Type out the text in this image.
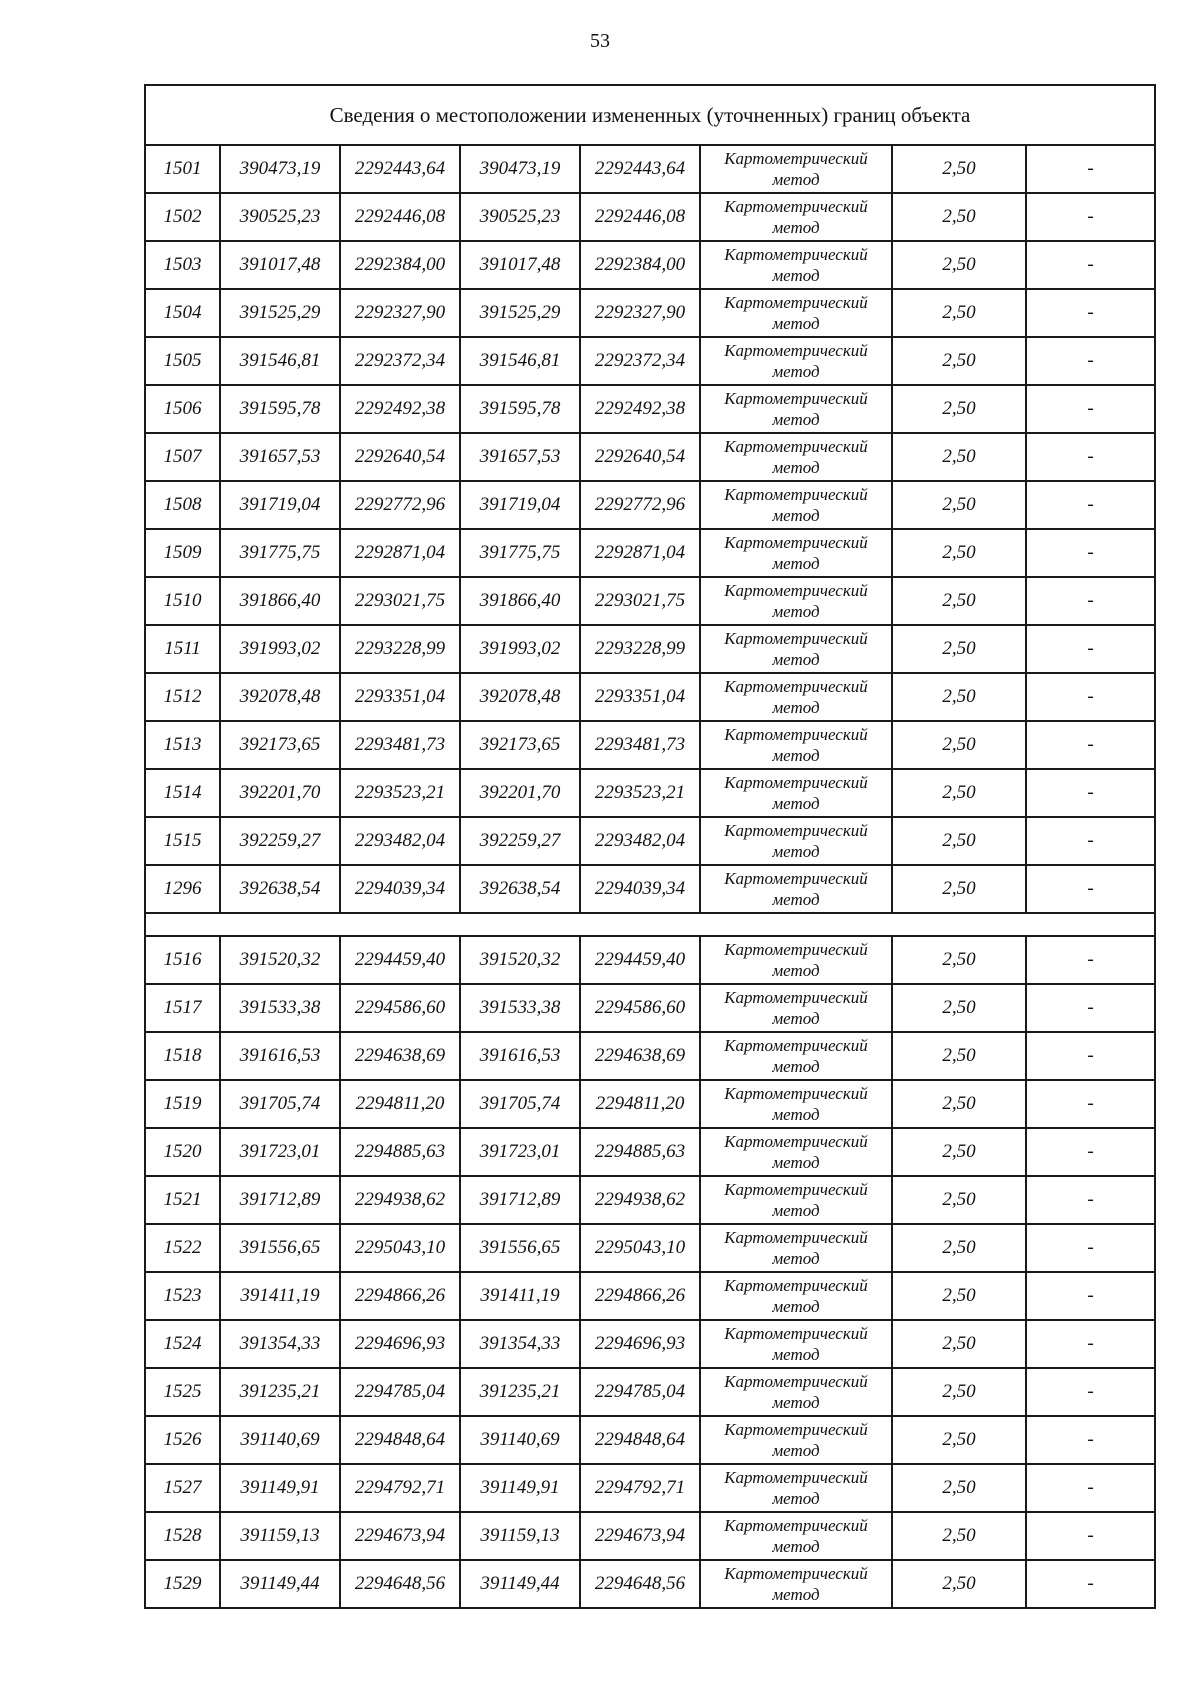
53
Сведения о местоположении измененных (уточненных) границ объекта							
1501	390473,19	2292443,64	390473,19	2292443,64	Картометрический
метод	2,50	-
1502	390525,23	2292446,08	390525,23	2292446,08	Картометрический
метод	2,50	-
1503	391017,48	2292384,00	391017,48	2292384,00	Картометрический
метод	2,50	-
1504	391525,29	2292327,90	391525,29	2292327,90	Картометрический
метод	2,50	-
1505	391546,81	2292372,34	391546,81	2292372,34	Картометрический
метод	2,50	-
1506	391595,78	2292492,38	391595,78	2292492,38	Картометрический
метод	2,50	-
1507	391657,53	2292640,54	391657,53	2292640,54	Картометрический
метод	2,50	-
1508	391719,04	2292772,96	391719,04	2292772,96	Картометрический
метод	2,50	-
1509	391775,75	2292871,04	391775,75	2292871,04	Картометрический
метод	2,50	-
1510	391866,40	2293021,75	391866,40	2293021,75	Картометрический
метод	2,50	-
1511	391993,02	2293228,99	391993,02	2293228,99	Картометрический
метод	2,50	-
1512	392078,48	2293351,04	392078,48	2293351,04	Картометрический
метод	2,50	-
1513	392173,65	2293481,73	392173,65	2293481,73	Картометрический
метод	2,50	-
1514	392201,70	2293523,21	392201,70	2293523,21	Картометрический
метод	2,50	-
1515	392259,27	2293482,04	392259,27	2293482,04	Картометрический
метод	2,50	-
1296	392638,54	2294039,34	392638,54	2294039,34	Картометрический
метод	2,50	-

1516	391520,32	2294459,40	391520,32	2294459,40	Картометрический
метод	2,50	-
1517	391533,38	2294586,60	391533,38	2294586,60	Картометрический
метод	2,50	-
1518	391616,53	2294638,69	391616,53	2294638,69	Картометрический
метод	2,50	-
1519	391705,74	2294811,20	391705,74	2294811,20	Картометрический
метод	2,50	-
1520	391723,01	2294885,63	391723,01	2294885,63	Картометрический
метод	2,50	-
1521	391712,89	2294938,62	391712,89	2294938,62	Картометрический
метод	2,50	-
1522	391556,65	2295043,10	391556,65	2295043,10	Картометрический
метод	2,50	-
1523	391411,19	2294866,26	391411,19	2294866,26	Картометрический
метод	2,50	-
1524	391354,33	2294696,93	391354,33	2294696,93	Картометрический
метод	2,50	-
1525	391235,21	2294785,04	391235,21	2294785,04	Картометрический
метод	2,50	-
1526	391140,69	2294848,64	391140,69	2294848,64	Картометрический
метод	2,50	-
1527	391149,91	2294792,71	391149,91	2294792,71	Картометрический
метод	2,50	-
1528	391159,13	2294673,94	391159,13	2294673,94	Картометрический
метод	2,50	-
1529	391149,44	2294648,56	391149,44	2294648,56	Картометрический
метод	2,50	-
